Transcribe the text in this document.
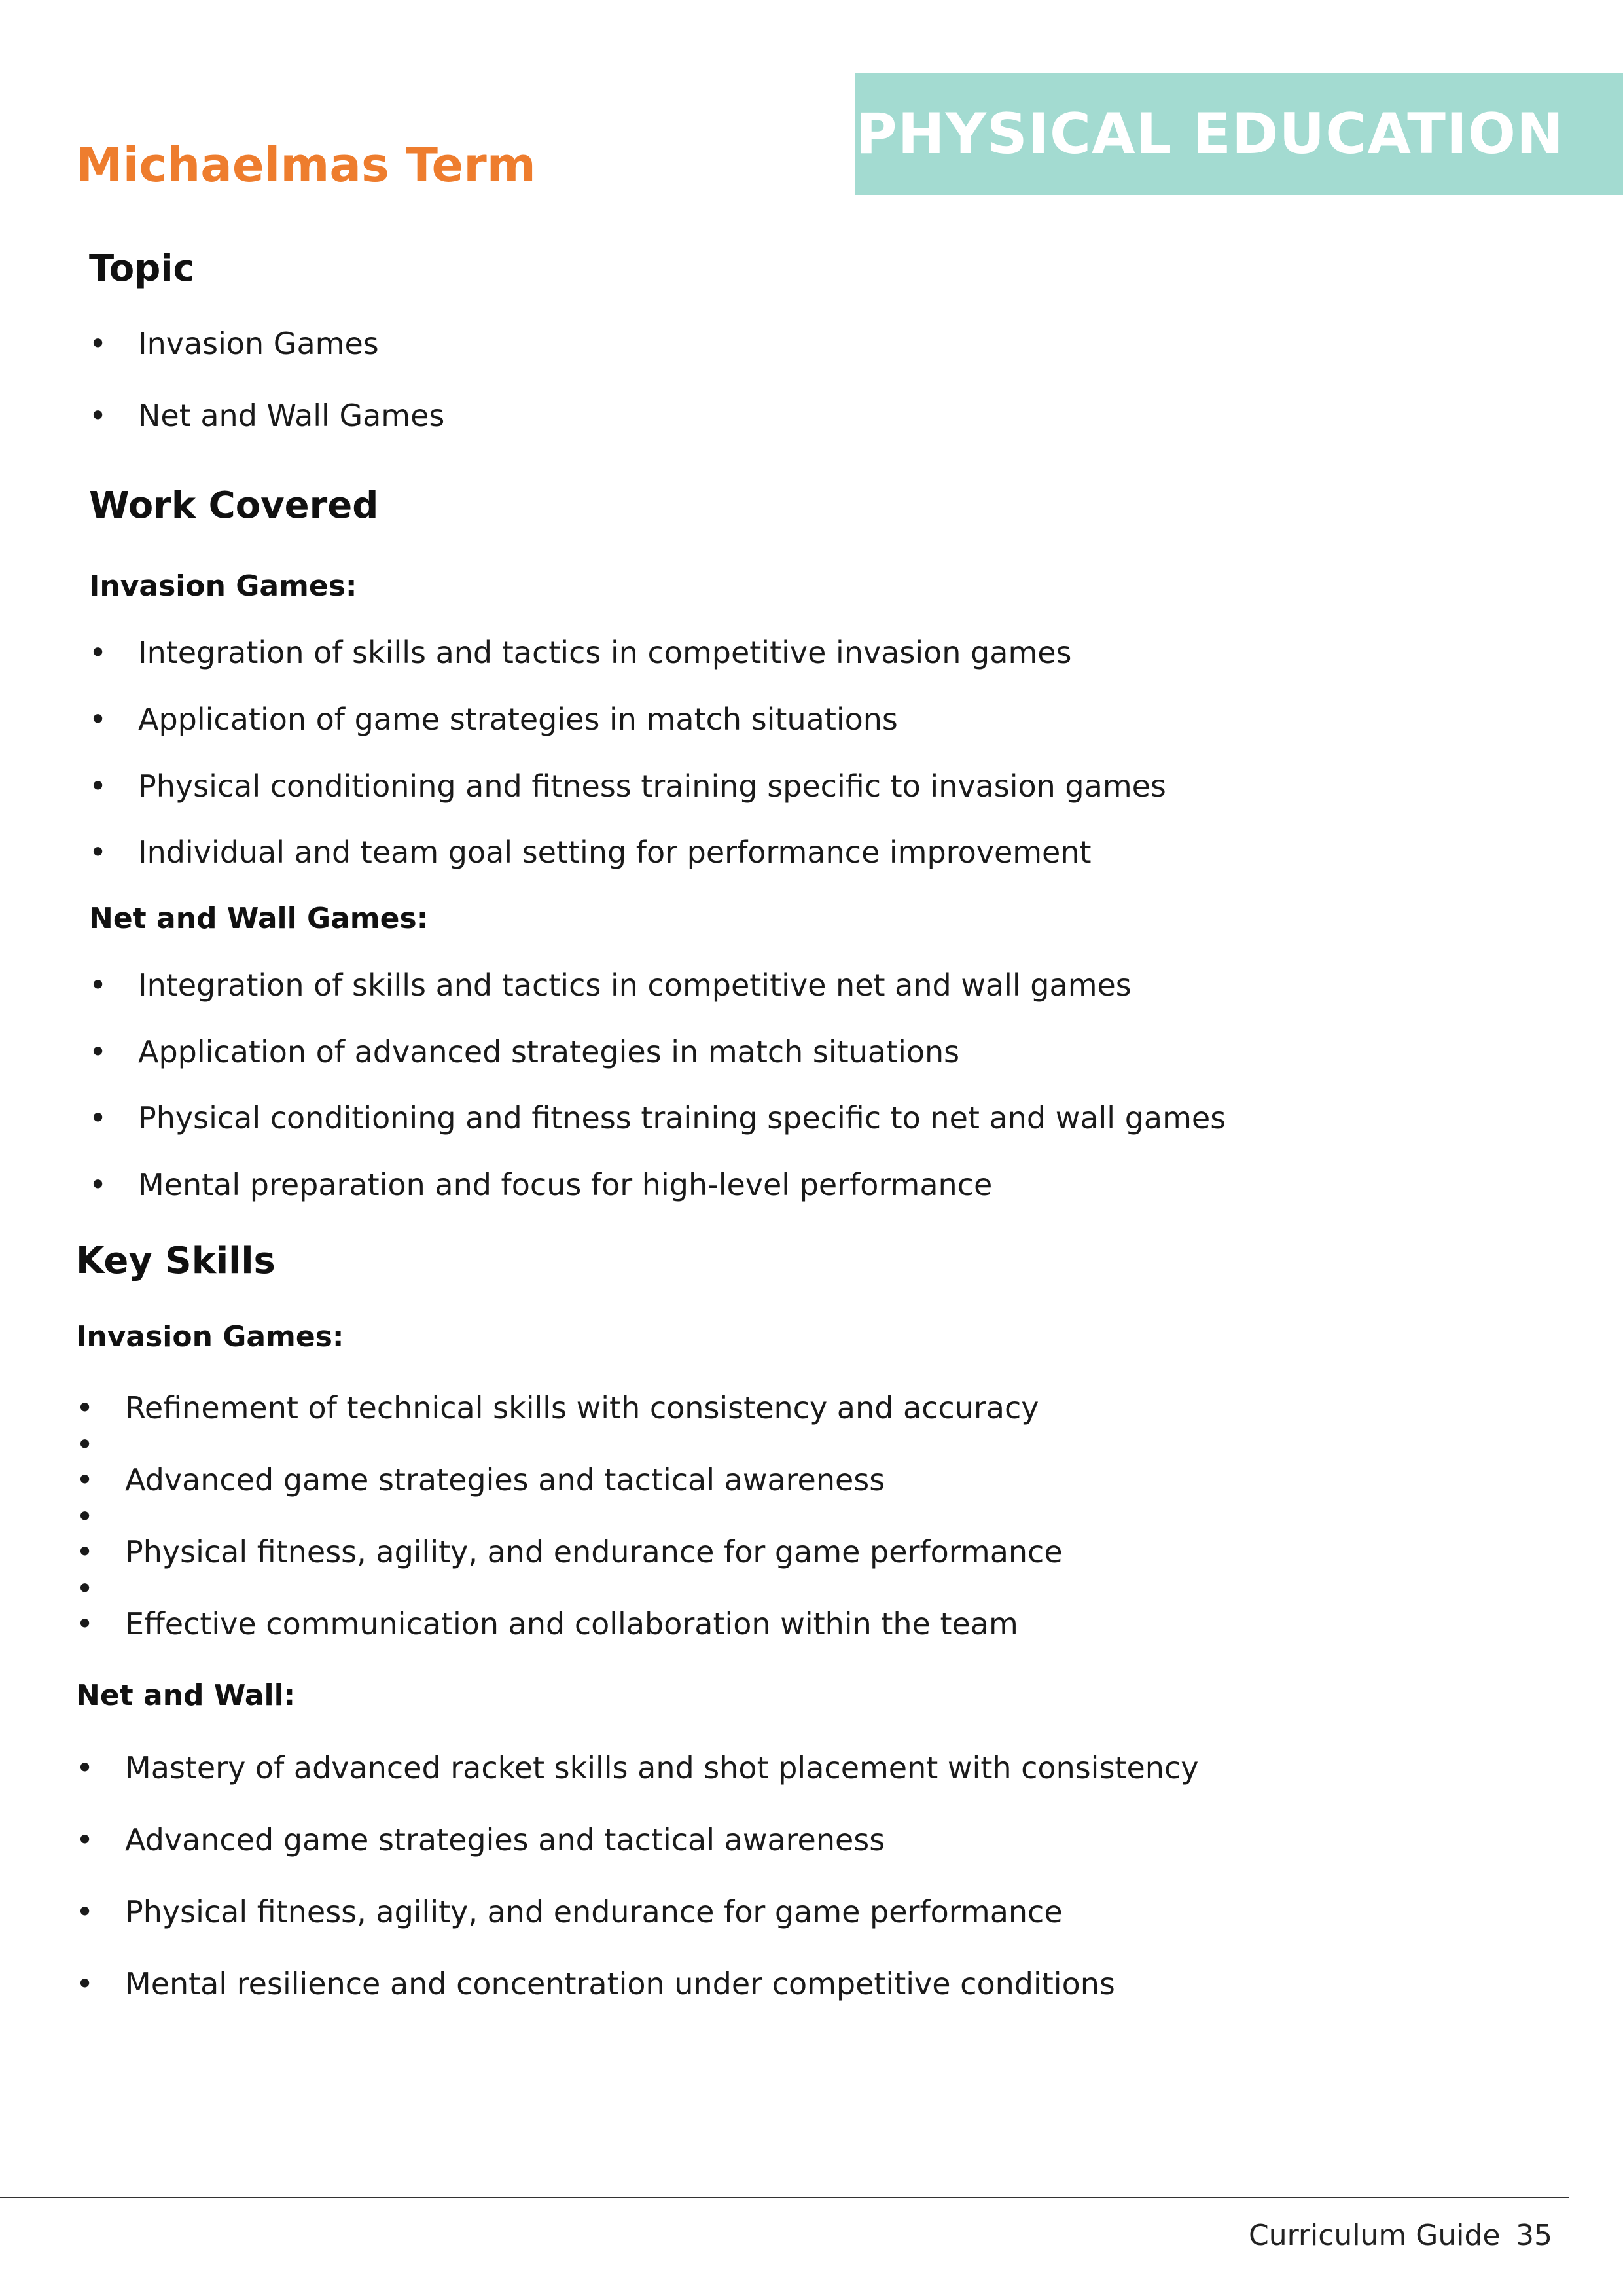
PHYSICAL EDUCATION
Michaelmas Term
Topic
• Invasion Games
• Net and Wall Games
Work Covered
Invasion Games:
• Integration of skills and tactics in competitive invasion games
• Application of game strategies in match situations
• Physical conditioning and fitness training specific to invasion games
• Individual and team goal setting for performance improvement
Net and Wall Games:
• Integration of skills and tactics in competitive net and wall games
• Application of advanced strategies in match situations
• Physical conditioning and fitness training specific to net and wall games
• Mental preparation and focus for high-level performance
Key Skills
Invasion Games:
• Refinement of technical skills with consistency and accuracy
•
• Advanced game strategies and tactical awareness
•
• Physical fitness, agility, and endurance for game performance
•
• Effective communication and collaboration within the team
Net and Wall:
• Mastery of advanced racket skills and shot placement with consistency
• Advanced game strategies and tactical awareness
• Physical fitness, agility, and endurance for game performance
• Mental resilience and concentration under competitive conditions
Curriculum Guide 35
